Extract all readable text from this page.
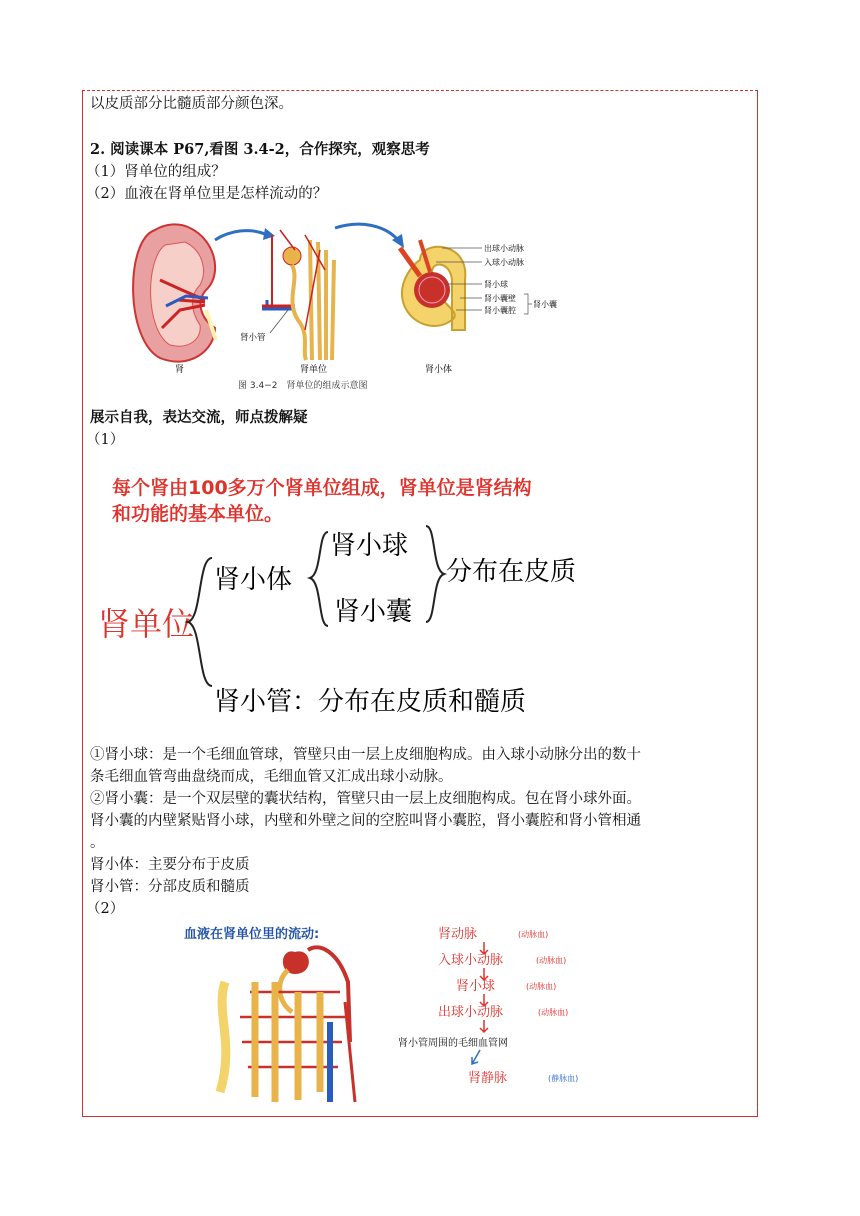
以皮质部分比髓质部分颜色深。
2. 阅读课本 P67,看图 3.4-2，合作探究，观察思考
（1）肾单位的组成？
（2）血液在肾单位里是怎样流动的？
肾
肾小管
肾单位	肾小体
出球小动脉
入球小动脉
肾小球
肾小囊壁
肾小囊腔
肾小囊
图 3.4−2　肾单位的组成示意图
展示自我，表达交流，师点拨解疑
（1）
每个肾由100多万个肾单位组成，肾单位是肾结构
和功能的基本单位。
肾单位
肾小体
肾小球
肾小囊
分布在皮质
肾小管：分布在皮质和髓质
①肾小球：是一个毛细血管球，管壁只由一层上皮细胞构成。由入球小动脉分出的数十
条毛细血管弯曲盘绕而成，毛细血管又汇成出球小动脉。
②肾小囊：是一个双层壁的囊状结构，管壁只由一层上皮细胞构成。包在肾小球外面。
肾小囊的内壁紧贴肾小球，内壁和外壁之间的空腔叫肾小囊腔，肾小囊腔和肾小管相通
。
肾小体：主要分布于皮质
肾小管：分部皮质和髓质
（2）
血液在肾单位里的流动:	肾动脉
入球小动脉
肾小球
出球小动脉
肾小管周围的毛细血管网
肾静脉
(动脉血)
(动脉血)
(动脉血)
(动脉血)
(静脉血)
